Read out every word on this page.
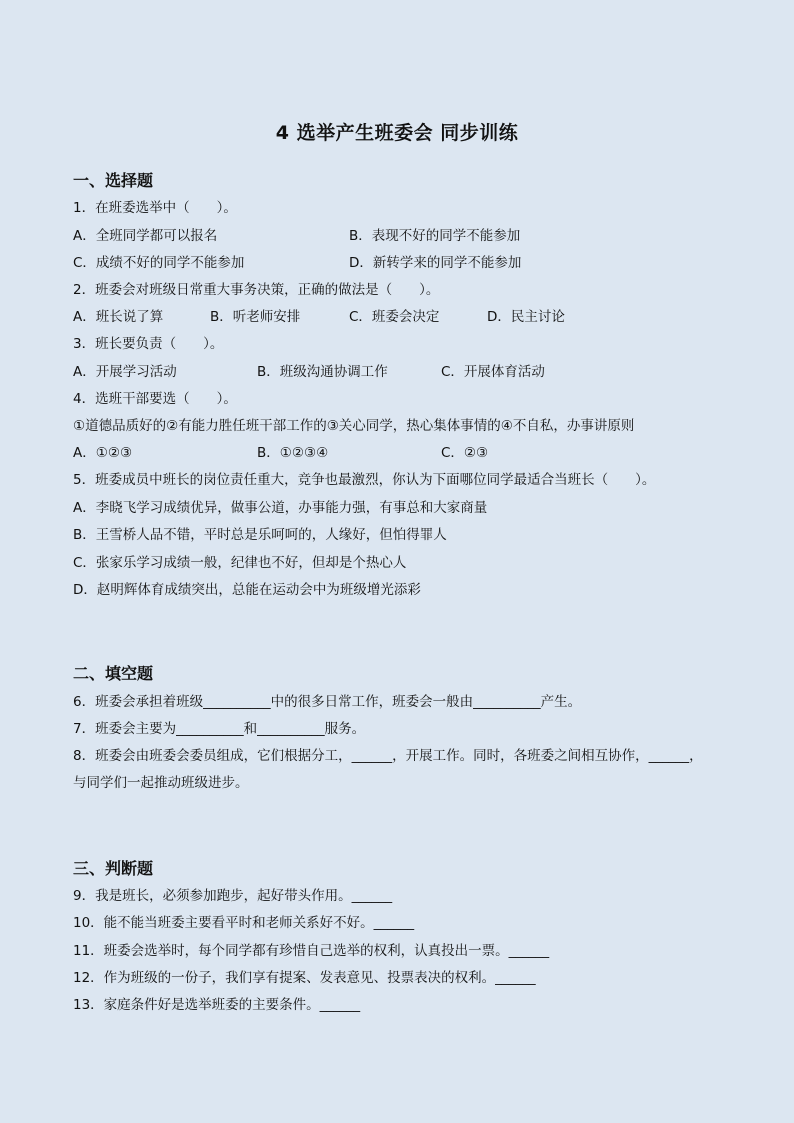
4 选举产生班委会 同步训练
一、选择题
1．在班委选举中（　　）。
A．全班同学都可以报名	B．表现不好的同学不能参加
C．成绩不好的同学不能参加	D．新转学来的同学不能参加
2．班委会对班级日常重大事务决策，正确的做法是（　　）。
A．班长说了算	B．听老师安排	C．班委会决定	D．民主讨论
3．班长要负责（　　）。
A．开展学习活动	B．班级沟通协调工作	C．开展体育活动
4．选班干部要选（　　）。
①道德品质好的②有能力胜任班干部工作的③关心同学，热心集体事情的④不自私，办事讲原则
A．①②③	B．①②③④	C．②③
5．班委成员中班长的岗位责任重大，竞争也最激烈，你认为下面哪位同学最适合当班长（　　）。
A．李晓飞学习成绩优异，做事公道，办事能力强，有事总和大家商量
B．王雪桥人品不错，平时总是乐呵呵的，人缘好，但怕得罪人
C．张家乐学习成绩一般，纪律也不好，但却是个热心人
D．赵明辉体育成绩突出，总能在运动会中为班级增光添彩
二、填空题
6．班委会承担着班级__________中的很多日常工作，班委会一般由__________产生。
7．班委会主要为__________和__________服务。
8．班委会由班委会委员组成，它们根据分工，______，开展工作。同时，各班委之间相互协作，______，
与同学们一起推动班级进步。
三、判断题
9．我是班长，必须参加跑步，起好带头作用。______
10．能不能当班委主要看平时和老师关系好不好。______
11．班委会选举时，每个同学都有珍惜自己选举的权利，认真投出一票。______
12．作为班级的一份子，我们享有提案、发表意见、投票表决的权利。______
13．家庭条件好是选举班委的主要条件。______
